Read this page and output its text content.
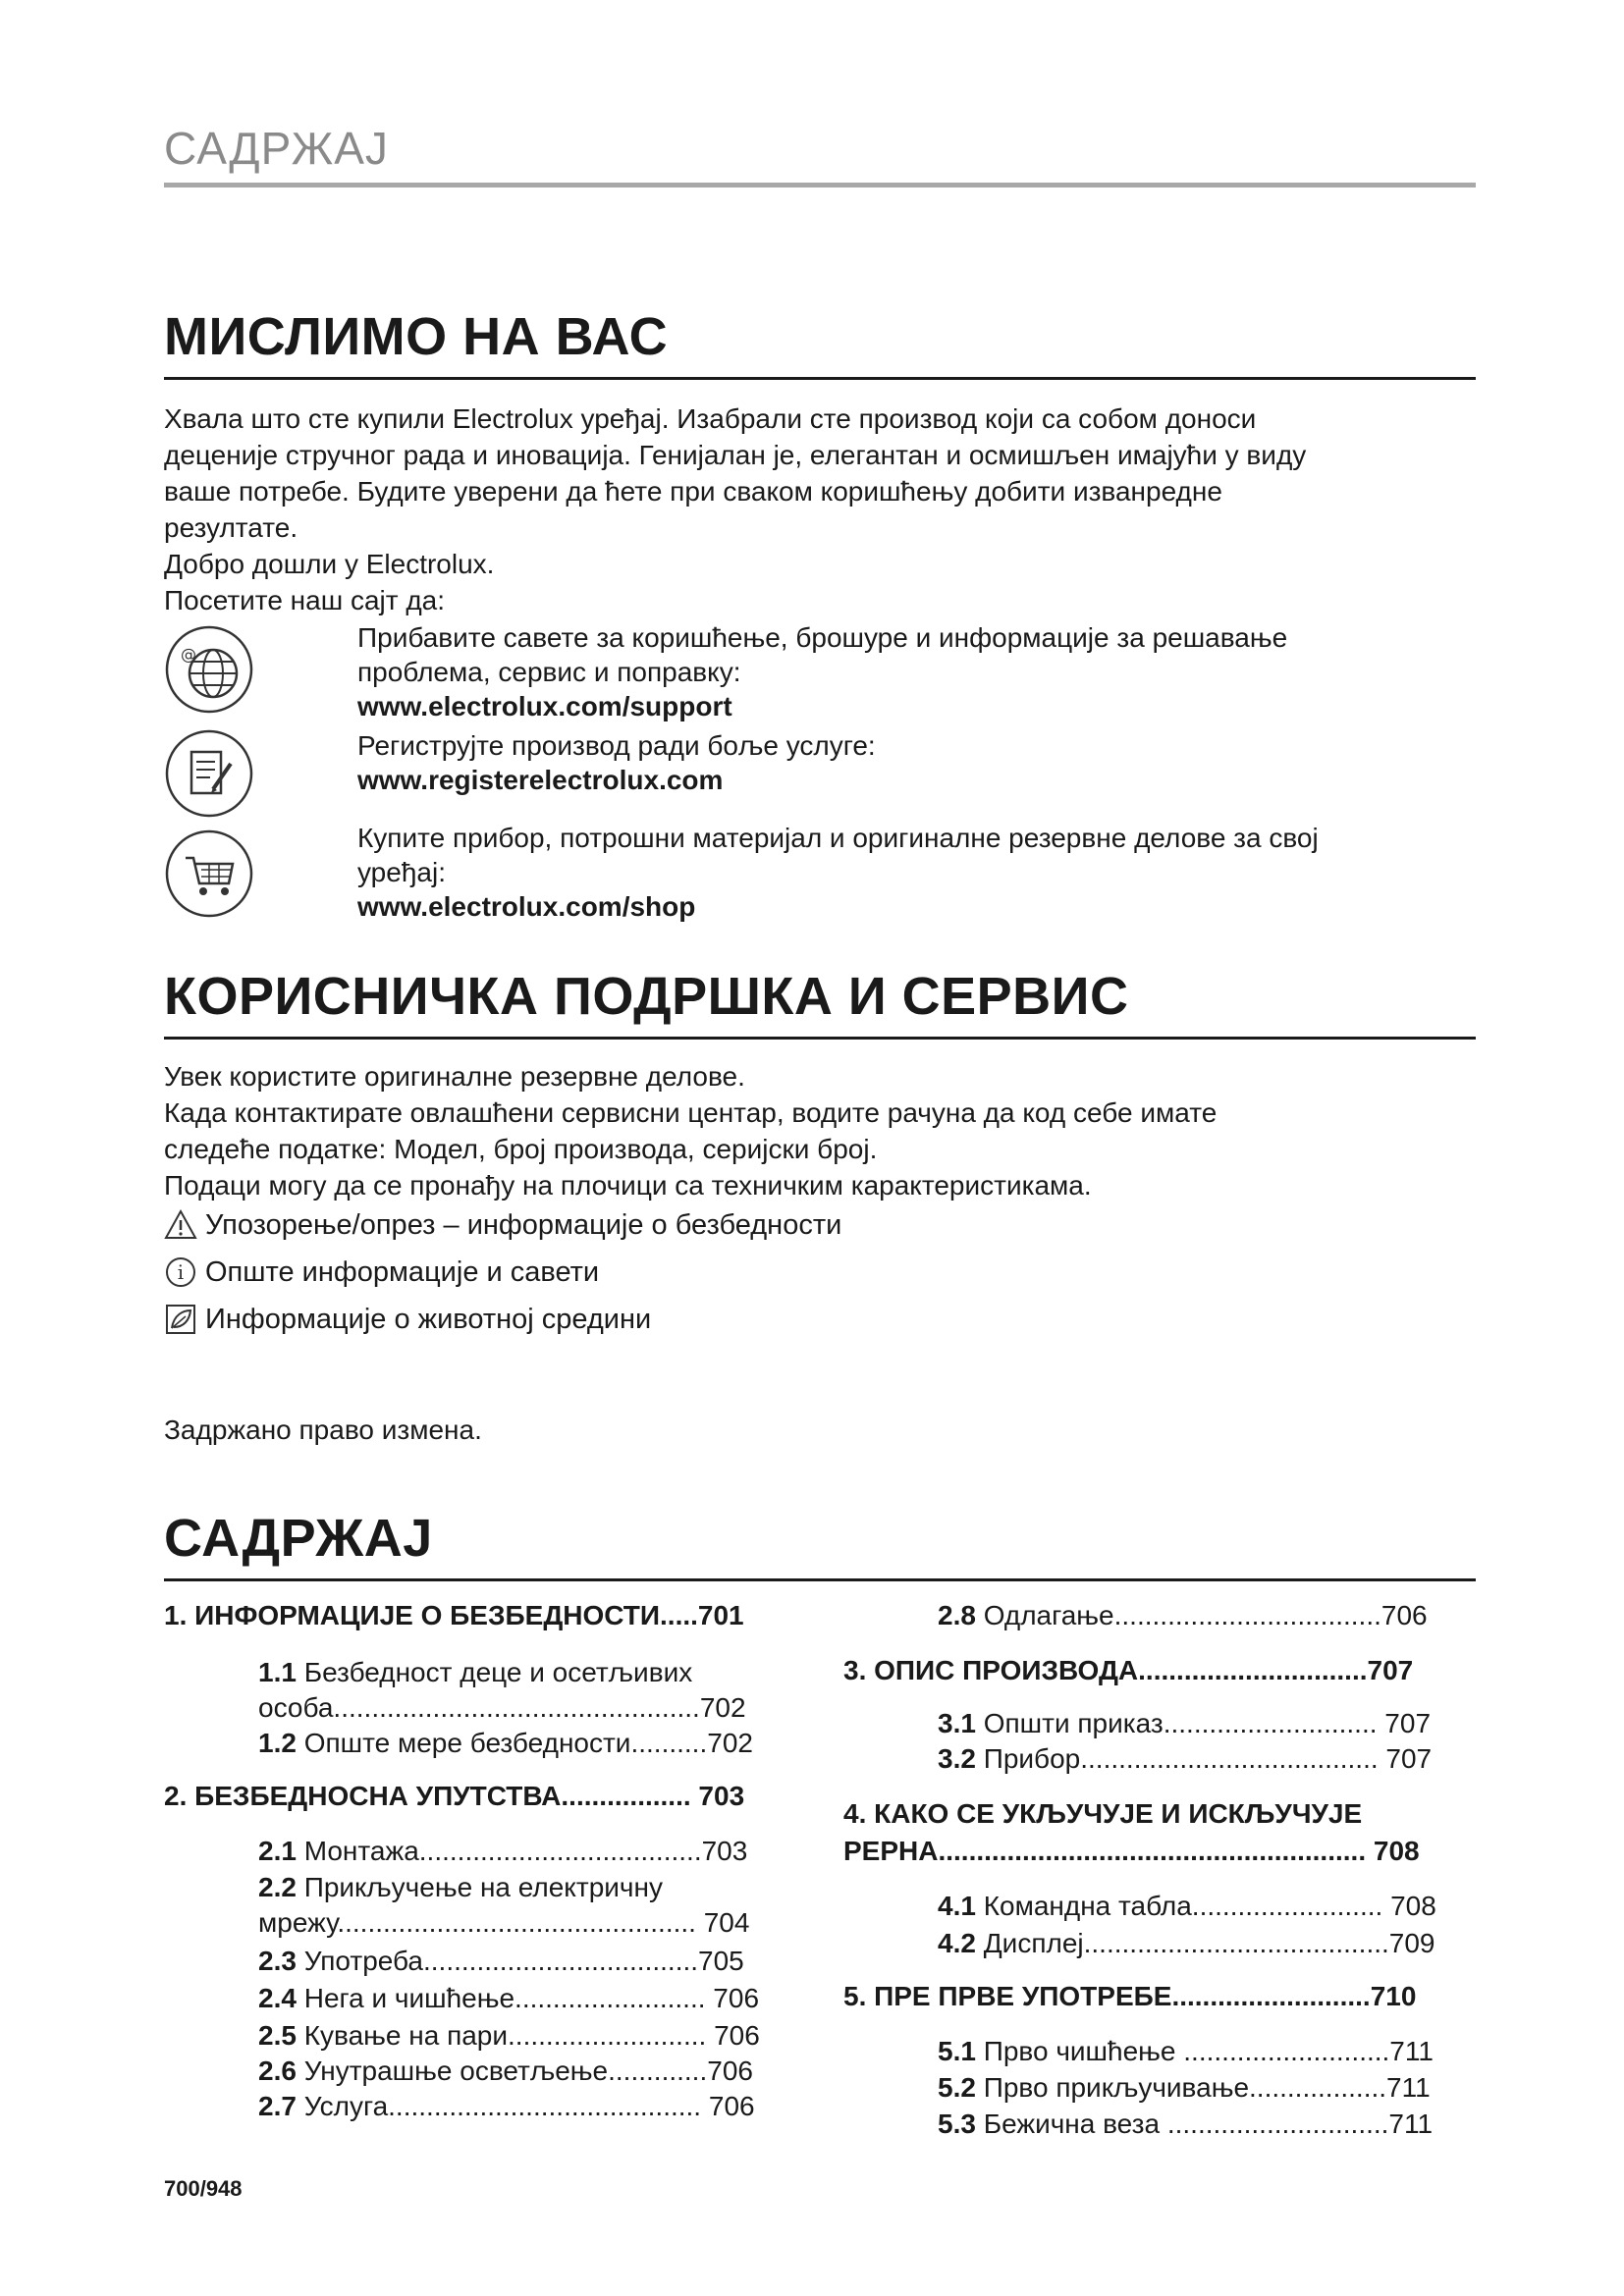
САДРЖАЈ
МИСЛИМО НА ВАС

Хвала што сте купили Electrolux уређај. Изабрали сте производ који са собом доноси
деценије стручног рада и иновација. Генијалан је, елегантан и осмишљен имајући у виду
ваше потребе. Будите уверени да ћете при сваком коришћењу добити изванредне
резултате.
Добро дошли у Electrolux.
Посетите наш сајт да:

@
Прибавите савете за коришћење, брошуре и информације за решавање
проблема, сервис и поправку:
www.electrolux.com/support
Региструјте производ ради боље услуге:
www.registerelectrolux.com
Купите прибор, потрошни материјал и оригиналне резервне делове за свој
уређај:
www.electrolux.com/shop
КОРИСНИЧКА ПОДРШКА И СЕРВИС

Увек користите оригиналне резервне делове.
Када контактирате овлашћени сервисни центар, водите рачуна да код себе имате
следеће податке: Модел, број производа, серијски број.
Подаци могу да се пронађу на плочици са техничким карактеристикама.

Упозорење/опрез – информације о безбедности
i Опште информације и савети
Информације о животној средини

Задржано право измена.

САДРЖАЈ
1. ИНФОРМАЦИЈЕ О БЕЗБЕДНОСТИ.....701
1.1 Безбедност деце и осетљивих
особа................................................702
1.2 Опште мере безбедности..........702
2. БЕЗБЕДНОСНА УПУТСТВА................. 703
2.1 Монтажа.....................................703
2.2 Прикључење на електричну
мрежу............................................... 704
2.3 Употреба....................................705
2.4 Нега и чишћење......................... 706
2.5 Кување на пари.......................... 706
2.6 Унутрашње осветљење.............706
2.7 Услуга......................................... 706
2.8 Одлагање...................................706
3. ОПИС ПРОИЗВОДА..............................707
3.1 Општи приказ............................ 707
3.2 Прибор....................................... 707
4. КАКО СЕ УКЉУЧУЈЕ И ИСКЉУЧУЈЕ
РЕРНА........................................................ 708
4.1 Командна табла......................... 708
4.2 Дисплеј........................................709
5. ПРЕ ПРВЕ УПОТРЕБЕ..........................710
5.1 Прво чишћење ...........................711
5.2 Прво прикључивање..................711
5.3 Бежична веза .............................711
700/948
